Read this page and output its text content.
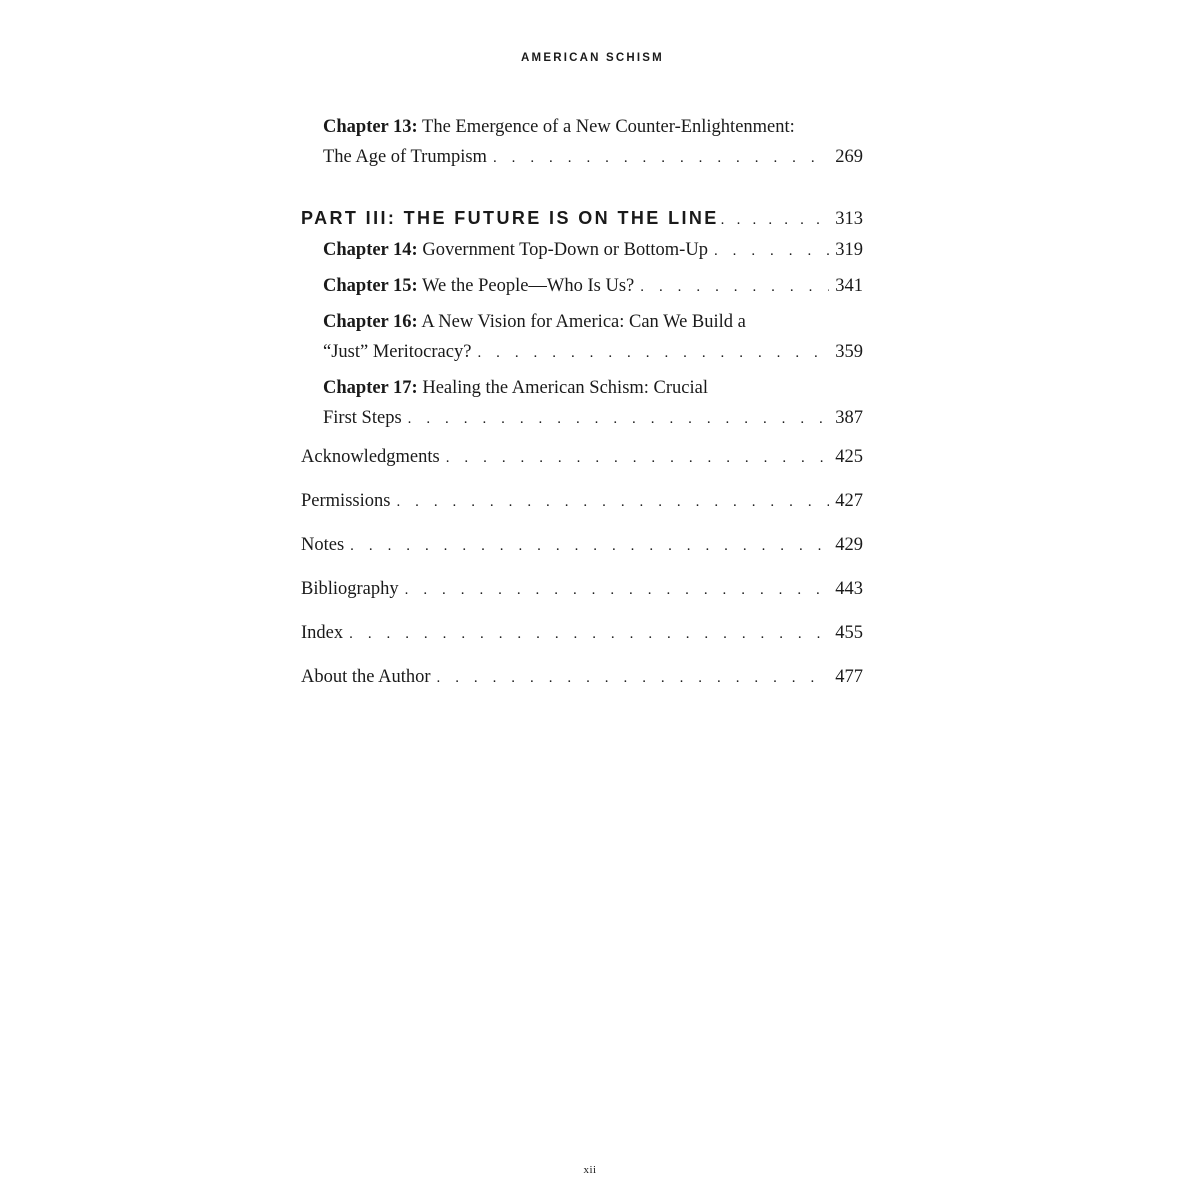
AMERICAN SCHISM
Chapter 13: The Emergence of a New Counter-Enlightenment:
The Age of Trumpism . . .	269
PART III: THE FUTURE IS ON THE LINE . . .	313
Chapter 14: Government Top-Down or Bottom-Up . . .	319
Chapter 15: We the People—Who Is Us? . . .	341
Chapter 16: A New Vision for America: Can We Build a
“Just” Meritocracy? . . .	359
Chapter 17: Healing the American Schism: Crucial
First Steps . . .	387
Acknowledgments . . .	425
Permissions . . .	427
Notes . . .	429
Bibliography . . .	443
Index . . .	455
About the Author . . .	477
xii
